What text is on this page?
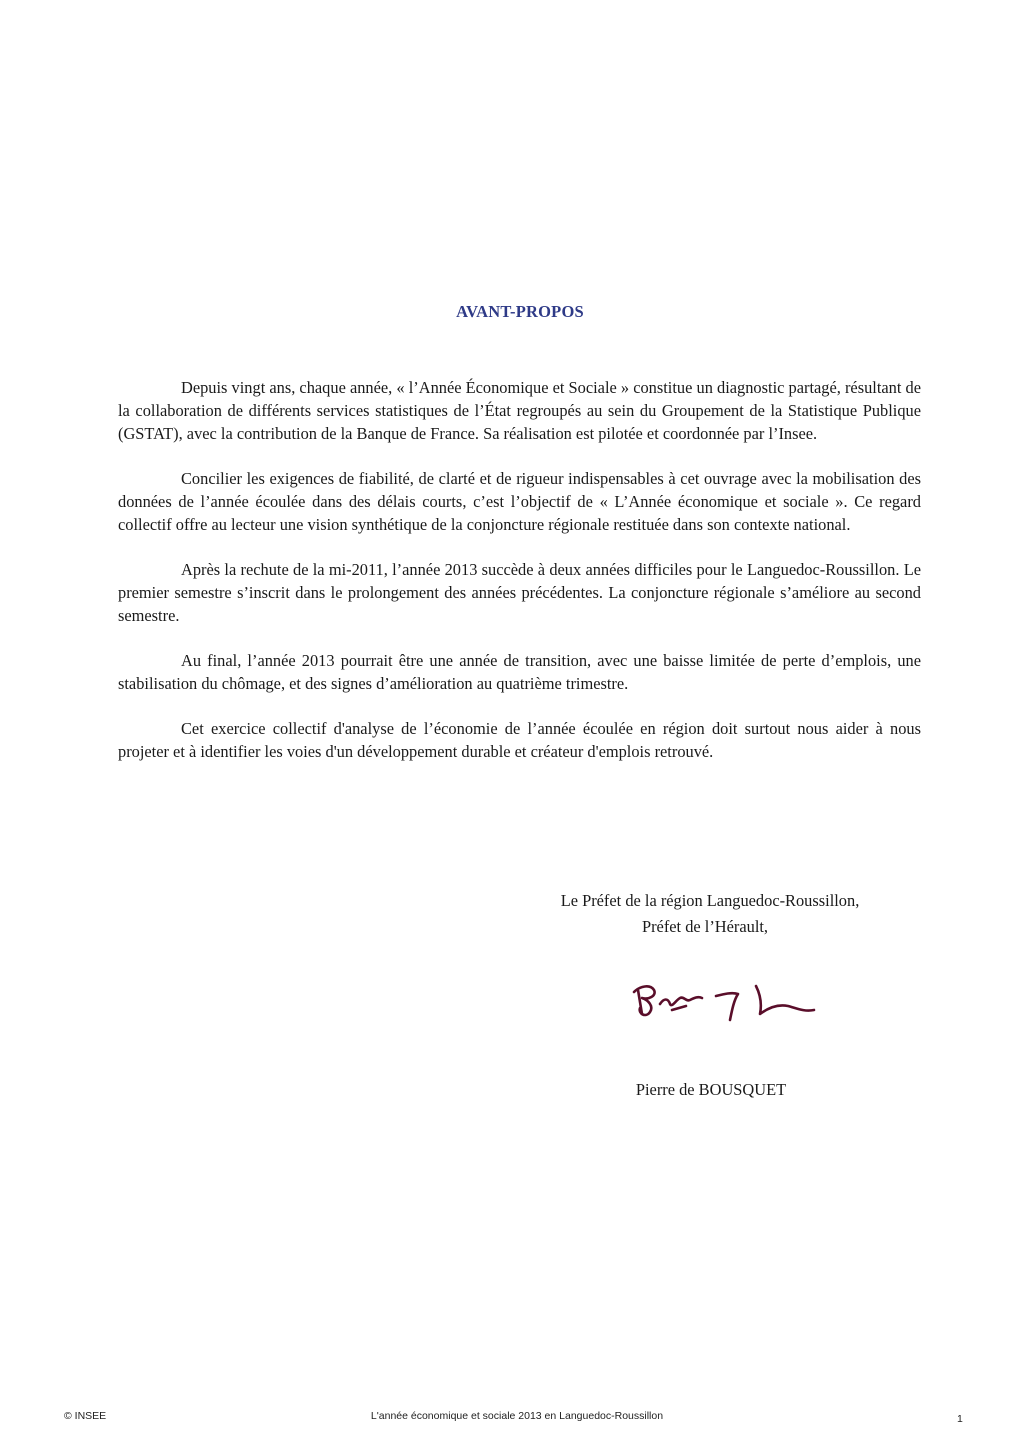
AVANT-PROPOS

Depuis vingt ans, chaque année, « l’Année Économique et Sociale » constitue un diagnostic partagé, résultant de la collaboration de différents services statistiques de l’État regroupés au sein du Groupement de la Statistique Publique (GSTAT), avec la contribution de la Banque de France. Sa réalisation est pilotée et coordonnée par l’Insee.

Concilier les exigences de fiabilité, de clarté et de rigueur indispensables à cet ouvrage avec la mobilisation des données de l’année écoulée dans des délais courts, c’est l’objectif de « L’Année économique et sociale ». Ce regard collectif offre au lecteur une vision synthétique de la conjoncture régionale restituée dans son contexte national.

Après la rechute de la mi-2011, l’année 2013 succède à deux années difficiles pour le Languedoc-Roussillon. Le premier semestre s’inscrit dans le prolongement des années précédentes. La conjoncture régionale s’améliore au second semestre.

Au final, l’année 2013 pourrait être une année de transition, avec une baisse limitée de perte d’emplois, une stabilisation du chômage, et des signes d’amélioration au quatrième trimestre.

Cet exercice collectif d'analyse de l’économie de l’année écoulée en région doit surtout nous aider à nous projeter et à identifier les voies d'un développement durable et créateur d'emplois retrouvé.

Le Préfet de la région Languedoc-Roussillon,
Préfet de l’Hérault,
Pierre de BOUSQUET
© INSEE	L'année économique et sociale 2013 en Languedoc-Roussillon	1
